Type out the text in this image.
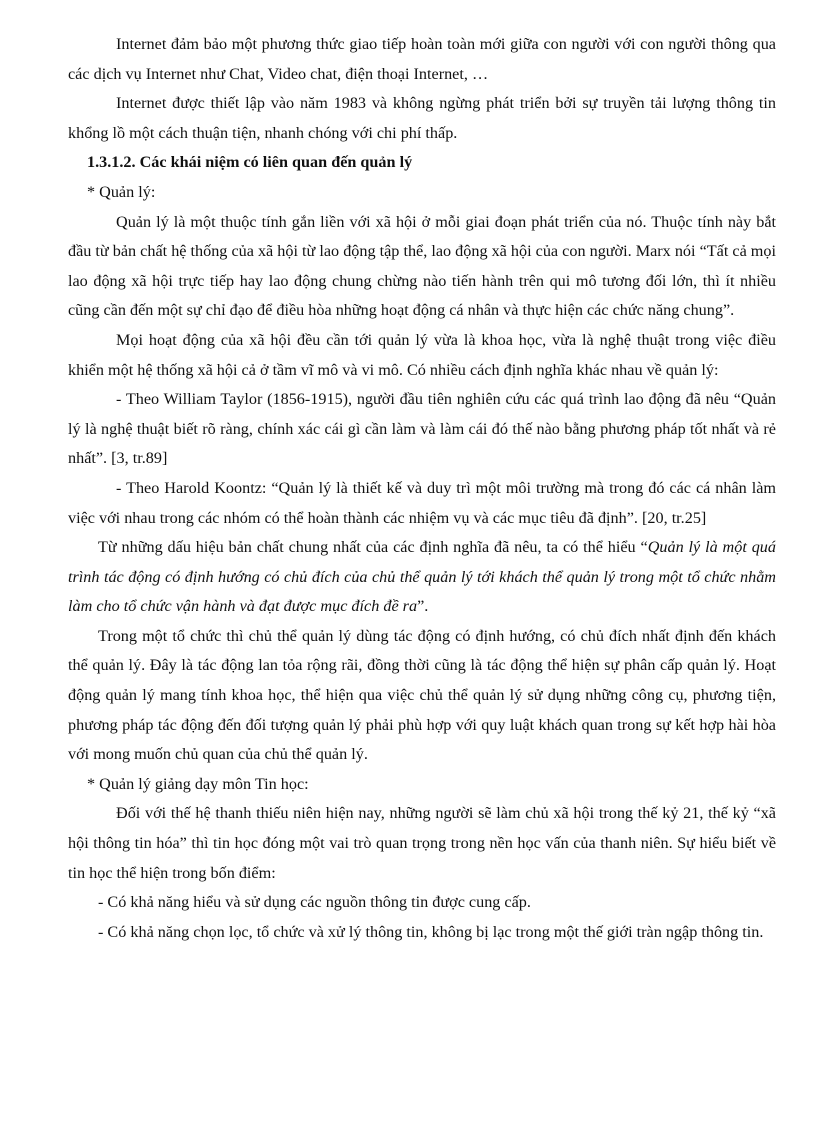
Internet đảm bảo một phương thức giao tiếp hoàn toàn mới giữa con người với con người thông qua các dịch vụ Internet như Chat, Video chat, điện thoại Internet, …

Internet được thiết lập vào năm 1983 và không ngừng phát triển bởi sự truyền tải lượng thông tin khổng lồ một cách thuận tiện, nhanh chóng với chi phí thấp.

1.3.1.2. Các khái niệm có liên quan đến quản lý

* Quản lý:

Quản lý là một thuộc tính gắn liền với xã hội ở mỗi giai đoạn phát triển của nó. Thuộc tính này bắt đầu từ bản chất hệ thống của xã hội từ lao động tập thể, lao động xã hội của con người. Marx nói “Tất cả mọi lao động xã hội trực tiếp hay lao động chung chừng nào tiến hành trên qui mô tương đối lớn, thì ít nhiều cũng cần đến một sự chỉ đạo để điều hòa những hoạt động cá nhân và thực hiện các chức năng chung”.

Mọi hoạt động của xã hội đều cần tới quản lý vừa là khoa học, vừa là nghệ thuật trong việc điều khiển một hệ thống xã hội cả ở tầm vĩ mô và vi mô. Có nhiều cách định nghĩa khác nhau về quản lý:

- Theo William Taylor (1856-1915), người đầu tiên nghiên cứu các quá trình lao động đã nêu “Quản lý là nghệ thuật biết rõ ràng, chính xác cái gì cần làm và làm cái đó thế nào bằng phương pháp tốt nhất và rẻ nhất”. [3, tr.89]

- Theo Harold Koontz: “Quản lý là thiết kế và duy trì một môi trường mà trong đó các cá nhân làm việc với nhau trong các nhóm có thể hoàn thành các nhiệm vụ và các mục tiêu đã định”. [20, tr.25]

Từ những dấu hiệu bản chất chung nhất của các định nghĩa đã nêu, ta có thể hiểu “Quản lý là một quá trình tác động có định hướng có chủ đích của chủ thể quản lý tới khách thể quản lý trong một tổ chức nhằm làm cho tổ chức vận hành và đạt được mục đích đề ra”.

Trong một tổ chức thì chủ thể quản lý dùng tác động có định hướng, có chủ đích nhất định đến khách thể quản lý. Đây là tác động lan tỏa rộng rãi, đồng thời cũng là tác động thể hiện sự phân cấp quản lý. Hoạt động quản lý mang tính khoa học, thể hiện qua việc chủ thể quản lý sử dụng những công cụ, phương tiện, phương pháp tác động đến đối tượng quản lý phải phù hợp với quy luật khách quan trong sự kết hợp hài hòa với mong muốn chủ quan của chủ thể quản lý.

* Quản lý giảng dạy môn Tin học:

Đối với thế hệ thanh thiếu niên hiện nay, những người sẽ làm chủ xã hội trong thế kỷ 21, thế kỷ “xã hội thông tin hóa” thì tin học đóng một vai trò quan trọng trong nền học vấn của thanh niên. Sự hiểu biết về tin học thể hiện trong bốn điểm:

- Có khả năng hiểu và sử dụng các nguồn thông tin được cung cấp.

- Có khả năng chọn lọc, tổ chức và xử lý thông tin, không bị lạc trong một thế giới tràn ngập thông tin.
